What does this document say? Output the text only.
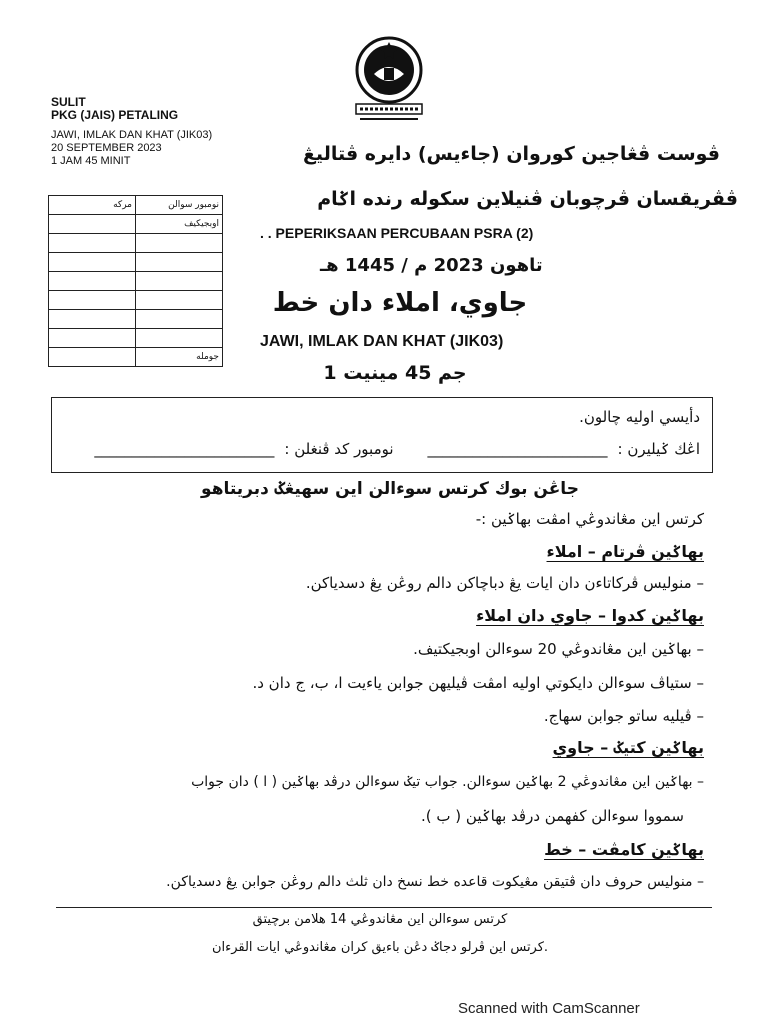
SULIT
PKG (JAIS) PETALING
JAWI, IMLAK DAN KHAT (JIK03)
20 SEPTEMBER 2023
1 JAM 45 MINIT	ڤوست ڤڠاجين كوروان (جاءيس) دايره ڤتاليڠ
ڤڤريقسان ڤرچوبان ڤنيلاين سكوله رنده اݢام
مركه	نومبور سوالن
	اوبجيكيف

	جومله
. . PEPERIKSAAN PERCUBAAN PSRA (2)
تاهون 2023 م / 1445 هـ
جاوي، املاء دان خط
JAWI, IMLAK DAN KHAT (JIK03)
1 جم 45 مينيت
دأيسي اوليه چالون.
اڠك ݢيليرن :
________________________
نومبور كد ڤنغلن :
________________________
جاڠن بوك كرتس سوءالن اين سهيڠݢ دبريتاهو
كرتس اين مڠاندوڠي امڤت بهاݢين :-
بهاݢين ڤرتام – املاء
– منوليس ڤركاتاءن دان ايات يڠ دباچاكن دالم روڠن يڠ دسدياكن.
بهاݢين كدوا – جاوي دان املاء
– بهاݢين اين مڠاندوڠي 20 سوءالن اوبجيكتيف.
– ستياڤ سوءالن دايكوتي اوليه امڤت ڤيليهن جوابن ياءيت ا، ب، ج دان د.
– ڤيليه ساتو جوابن سهاج.
بهاݢين كتيݢ – جاوي
– بهاݢين اين مڠاندوڠي 2 بهاݢين سوءالن. جواب تيݢ سوءالن درڤد بهاݢين ( ا ) دان جواب
سمووا سوءالن كفهمن درڤد بهاݢين ( ب ).
بهاݢين كامڤت – خط
– منوليس حروف دان ڤتيقن مڠيكوت قاعده خط نسخ دان ثلث دالم روڠن جوابن يڠ دسدياكن.
كرتس سوءالن اين مڠاندوڠي 14 هلامن برچيتق
كرتس اين ڤرلو دجاݢ دڠن باءيق كران مڠاندوڠي ايات القرءان.
Scanned with CamScanner
